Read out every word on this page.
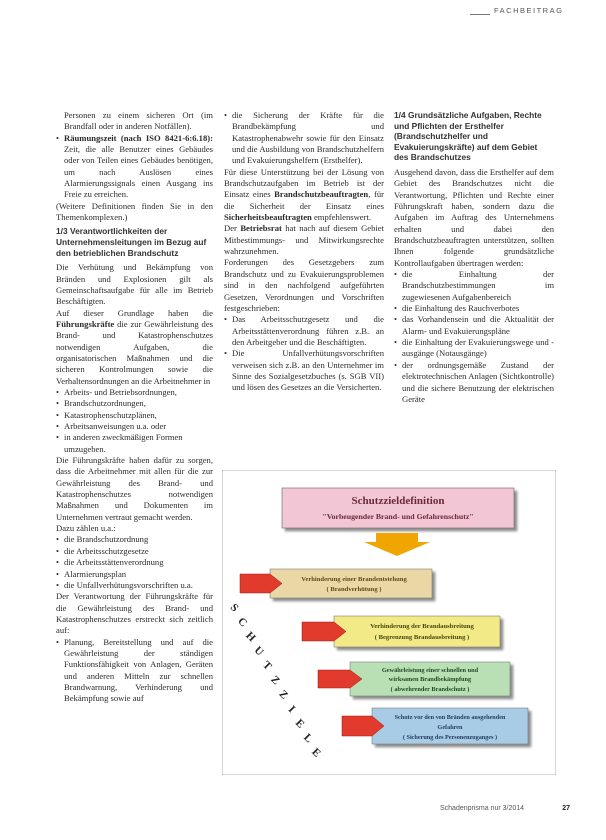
FACHBEITRAG

Personen zu einem sicheren Ort (im Brandfall oder in anderen Notfällen).

• Räumungszeit (nach ISO 8421-6:6.18): Zeit, die alle Benutzer eines Gebäudes oder von Teilen eines Gebäudes benötigen, um nach Auslösen eines Alarmierungssignals einen Ausgang ins Freie zu erreichen.

(Weitere Definitionen finden Sie in den Themenkomplexen.)

1/3 Verantwortlichkeiten der Unternehmensleitungen im Bezug auf den betrieblichen Brandschutz

Die Verhütung und Bekämpfung von Bränden und Explosionen gilt als Gemeinschaftsaufgabe für alle im Betrieb Beschäftigten.

Auf dieser Grundlage haben die Führungskräfte die zur Gewährleistung des Brand- und Katastrophenschutzes notwendigen Aufgaben, die organisatorischen Maßnahmen und die sicheren Kontrolmungen sowie die Verhaltensordnungen an die Arbeitnehmer in

• Arbeits- und Betriebsordnungen,
• Brandschutzordnungen,
• Katastrophenschutzplänen,
• Arbeitsanweisungen u.a. oder
• in anderen zweckmäßigen Formen

umzugeben.

Die Führungskräfte haben dafür zu sorgen, dass die Arbeitnehmer mit allen für die zur Gewährleistung des Brand- und Katastrophenschutzes notwendigen Maßnahmen und Dokumenten im Unternehmen vertraut gemacht werden.

Dazu zählen u.a.:

• die Brandschutzordnung
• die Arbeitsschutzgesetze
• die Arbeitsstättenverordnung
• Alarmierungsplan
• die Unfallverhütungsvorschriften u.a.

Der Verantwortung der Führungskräfte für die Gewährleistung des Brand- und Katastrophenschutzes erstreckt sich zeitlich auf:

• Planung, Bereitstellung und auf die Gewährleistung der ständigen Funktionsfähigkeit von Anlagen, Geräten und anderen Mitteln zur schnellen Brandwarnung, Verhinderung und Bekämpfung sowie auf
• die Sicherung der Kräfte für die Brandbekämpfung und Katastrophenabwehr sowie für den Einsatz und die Ausbildung von Brandschutzhelfern und Evakuierungshelfern (Ersthelfer).

Für diese Unterstützung bei der Lösung von Brandschutzaufgaben im Betrieb ist der Einsatz eines Brandschutzbeauftragten, für die Sicherheit der Einsatz eines Sicherheitsbeauftragten empfehlenswert.

Der Betriebsrat hat nach auf diesem Gebiet Mitbestimmungs- und Mitwirkungsrechte wahrzunehmen.

Forderungen des Gesetzgebers zum Brandschutz und zu Evakuierungsproblemen sind in den nachfolgend aufgeführten Gesetzen, Verordnungen und Vorschriften festgeschrieben:

• Das Arbeitsschutzgesetz und die Arbeitsstättenverordnung führen z.B. an den Arbeitgeber und die Beschäftigten.
• Die Unfallverhütungsvorschriften verweisen sich z.B. an den Unternehmer im Sinne des Sozialgesetzbuches (s. SGB VII) und lösen des Gesetzes an die Versicherten.
1/4 Grundsätzliche Aufgaben, Rechte und Pflichten der Ersthelfer (Brandschutzhelfer und Evakuierungskräfte) auf dem Gebiet des Brandschutzes

Ausgehend davon, dass die Ersthelfer auf dem Gebiet des Brandschutzes nicht die Verantwortung, Pflichten und Rechte einer Führungskraft haben, sondern dazu die Aufgaben im Auftrag des Unternehmens erhalten und dabei den Brandschutzbeauftragten unterstützen, sollten Ihnen folgende grundsätzliche Kontrollaufgaben übertragen werden:

• die Einhaltung der Brandschutzbestimmungen im zugewiesenen Aufgabenbereich
• die Einhaltung des Rauchverbotes
• das Vorhandensein und die Aktualität der Alarm- und Evakuierungspläne
• die Einhaltung der Evakuierungswege und -ausgänge (Notausgänge)
• der ordnungsgemäße Zustand der elektrotechnischen Anlagen (Sichtkontrolle) und die sichere Benutzung der elektrischen Geräte
Schutzzieldefinition
"Vorbeugender Brand- und Gefahrenschutz"
Verhinderung einer Brandentstehung
( Brandverhütung )
Verhinderung der Brandausbreitung
( Begrenzung Brandausbreitung )
Gewährleistung einer schnellen und
wirksamen Brandbekämpfung
( abwehrender Brandschutz )
Schutz vor den von Bränden ausgehenden
Gefahren
( Sicherung des Personenzuganges )
S
C
H
U
T
Z
Z
I
E
L
E
Schadenprisma nur 3/2014	27
